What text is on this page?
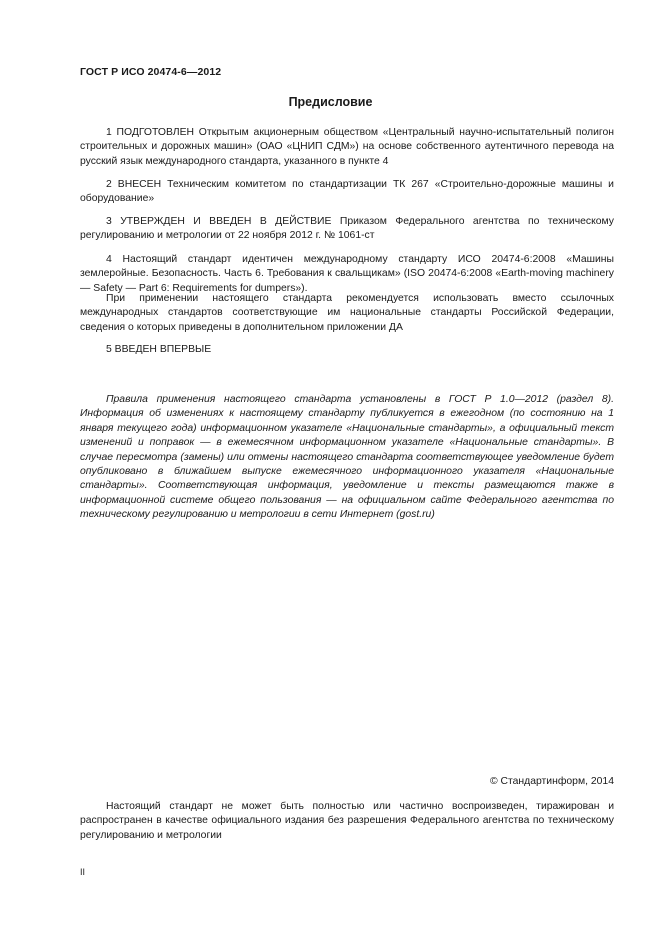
ГОСТ Р ИСО 20474-6—2012
Предисловие

1 ПОДГОТОВЛЕН Открытым акционерным обществом «Центральный научно-испытательный полигон строительных и дорожных машин» (ОАО «ЦНИП СДМ») на основе собственного аутентичного перевода на русский язык международного стандарта, указанного в пункте 4

2 ВНЕСЕН Техническим комитетом по стандартизации ТК 267 «Строительно-дорожные машины и оборудование»

3 УТВЕРЖДЕН И ВВЕДЕН В ДЕЙСТВИЕ Приказом Федерального агентства по техническому регулированию и метрологии от 22 ноября 2012 г. № 1061-ст

4 Настоящий стандарт идентичен международному стандарту ИСО 20474-6:2008 «Машины землеройные. Безопасность. Часть 6. Требования к свальщикам» (ISO 20474-6:2008 «Earth-moving machinery — Safety — Part 6: Requirements for dumpers»).

При применении настоящего стандарта рекомендуется использовать вместо ссылочных международных стандартов соответствующие им национальные стандарты Российской Федерации, сведения о которых приведены в дополнительном приложении ДА

5 ВВЕДЕН ВПЕРВЫЕ

Правила применения настоящего стандарта установлены в ГОСТ Р 1.0—2012 (раздел 8). Информация об изменениях к настоящему стандарту публикуется в ежегодном (по состоянию на 1 января текущего года) информационном указателе «Национальные стандарты», а официальный текст изменений и поправок — в ежемесячном информационном указателе «Национальные стандарты». В случае пересмотра (замены) или отмены настоящего стандарта соответствующее уведомление будет опубликовано в ближайшем выпуске ежемесячного информационного указателя «Национальные стандарты». Соответствующая информация, уведомление и тексты размещаются также в информационной системе общего пользования — на официальном сайте Федерального агентства по техническому регулированию и метрологии в сети Интернет (gost.ru)

© Стандартинформ, 2014

Настоящий стандарт не может быть полностью или частично воспроизведен, тиражирован и распространен в качестве официального издания без разрешения Федерального агентства по техническому регулированию и метрологии

II
